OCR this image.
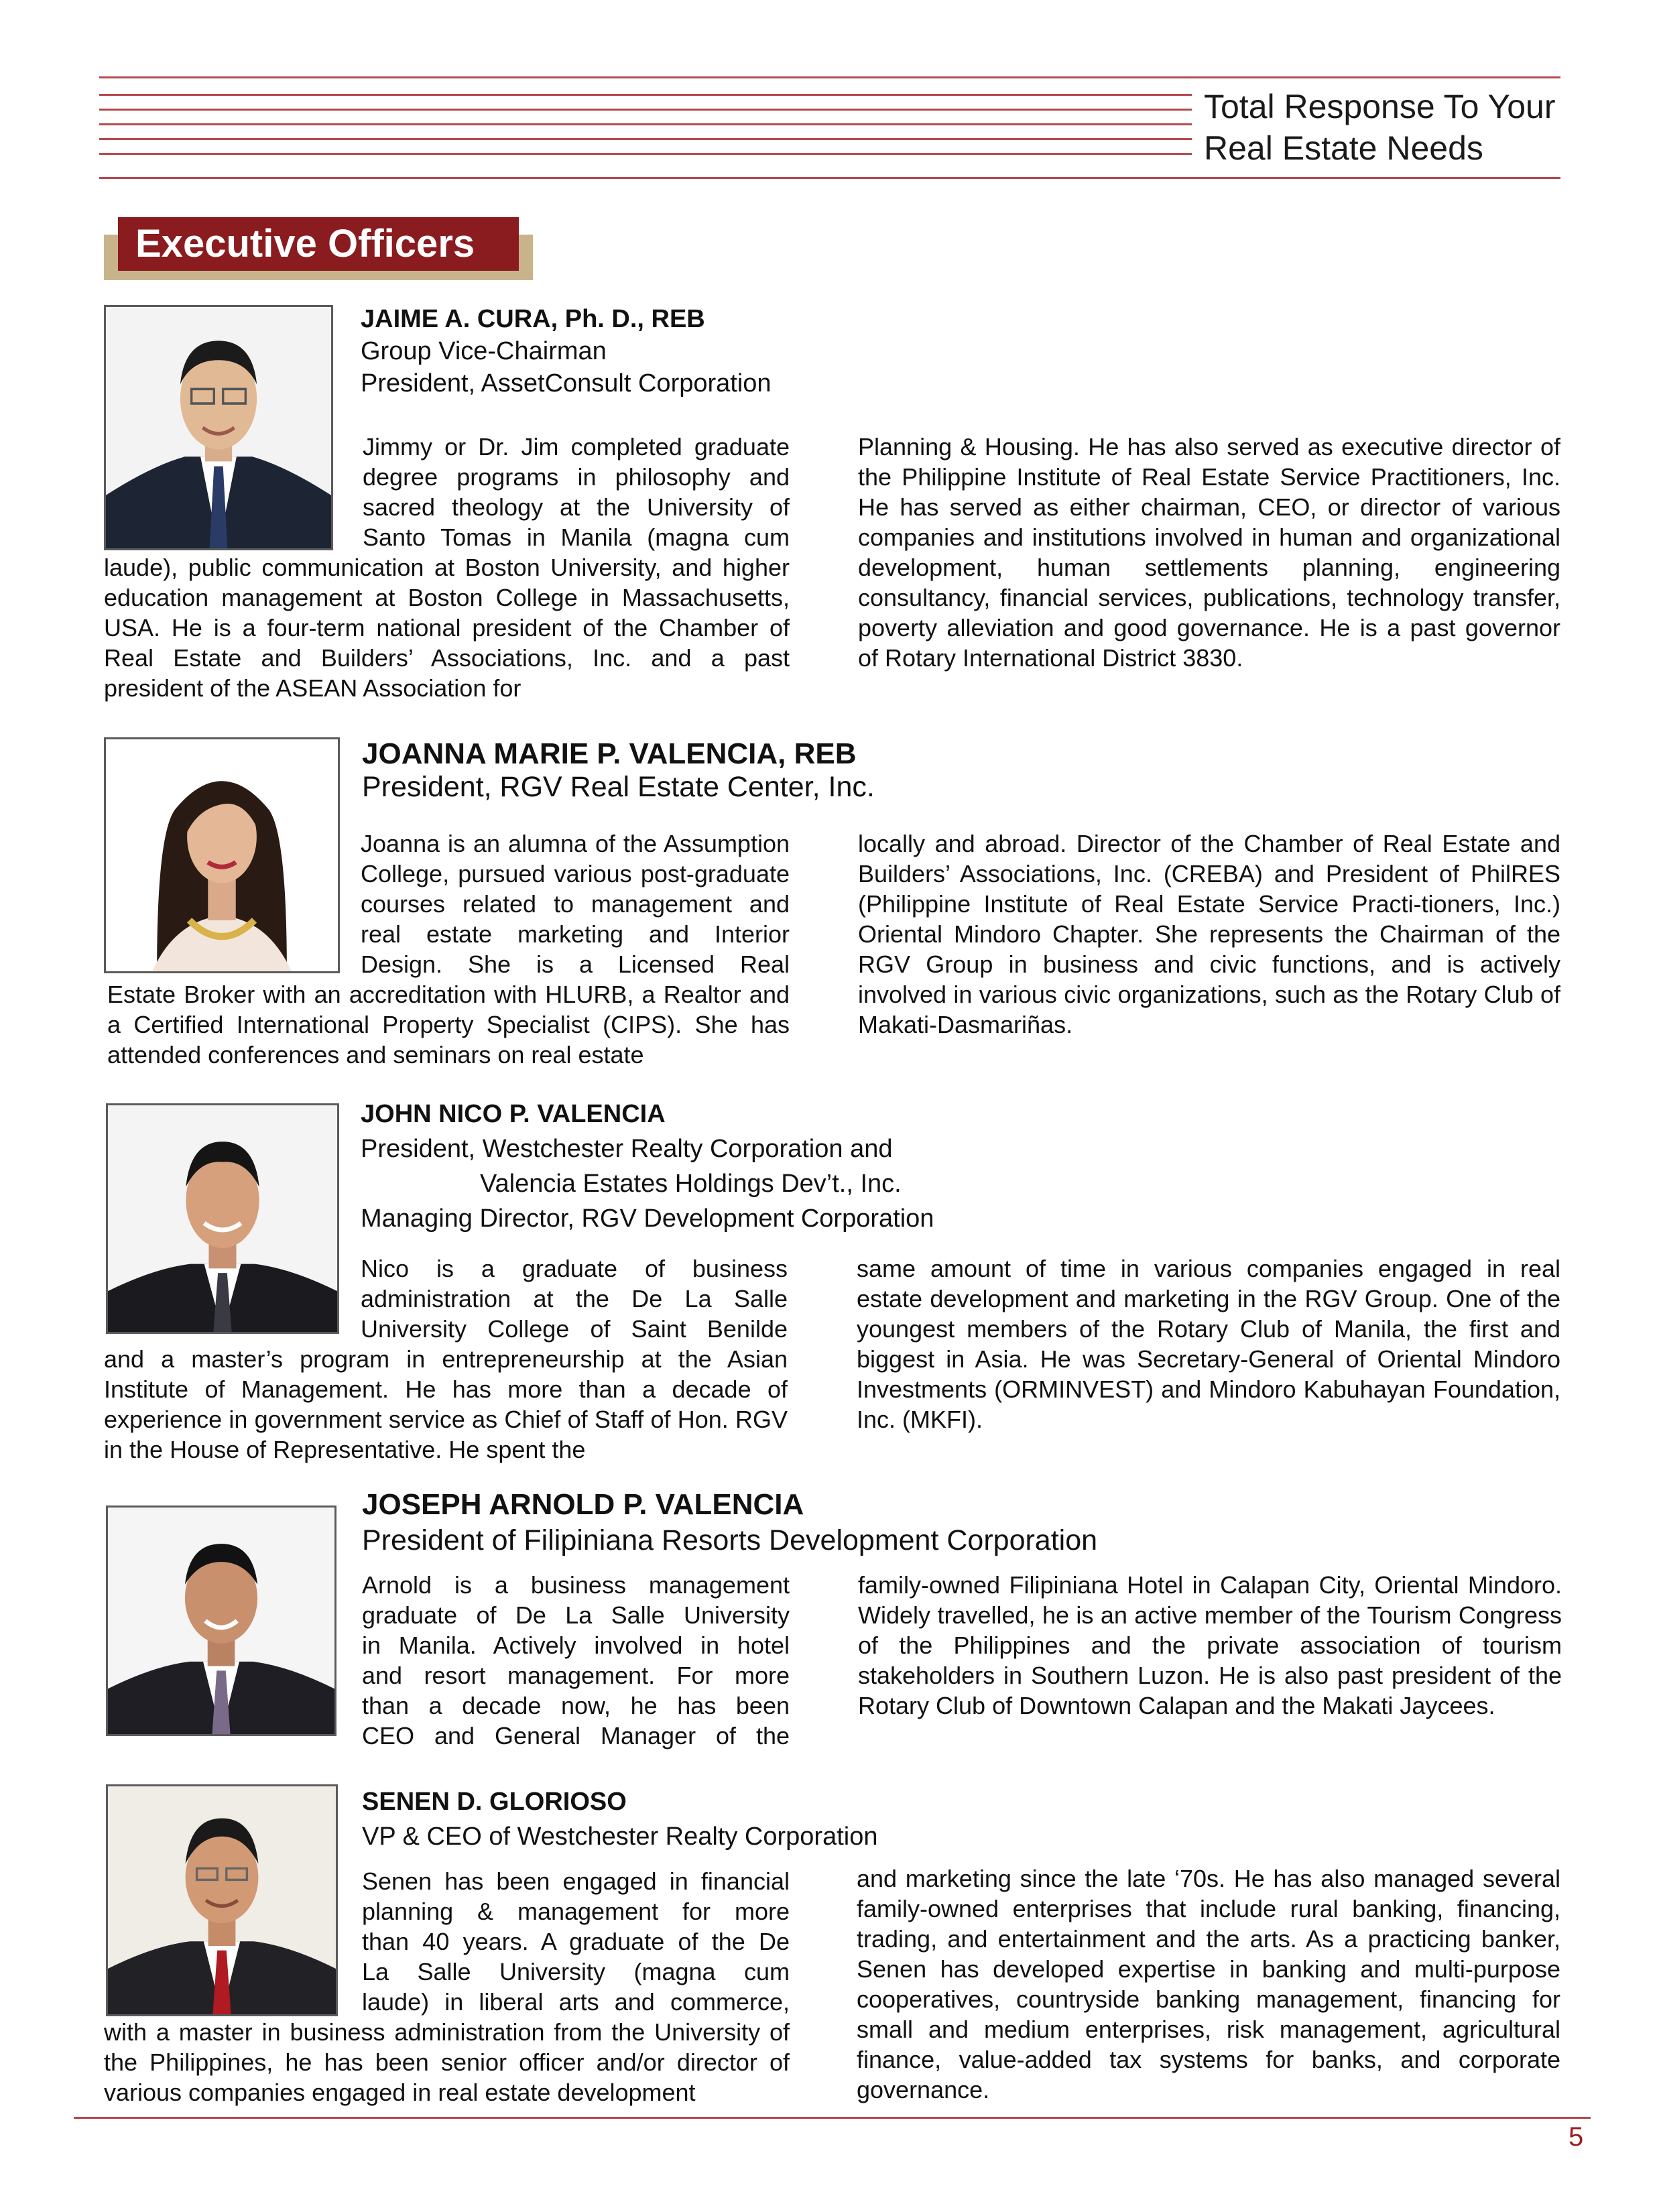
Total Response To Your
Real Estate Needs
Executive Officers
JAIME A. CURA, Ph. D., REB
Group Vice-Chairman
President, AssetConsult Corporation
Jimmy or Dr. Jim completed graduate
degree programs in philosophy and
sacred theology at the University of
Santo Tomas in Manila (magna cum
laude), public communication at Boston University, and higher education management at Boston College in Massachusetts, USA. He is a four-term national president of the Chamber of Real Estate and Builders’ Associations, Inc. and a past president of the ASEAN Association for
Planning & Housing. He has also served as executive director of the Philippine Institute of Real Estate Service Practitioners, Inc. He has served as either chairman, CEO, or director of various companies and institutions involved in human and organizational development, human settlements planning, engineering consultancy, financial services, publications, technology transfer, poverty alleviation and good governance. He is a past governor of Rotary International District 3830.
JOANNA MARIE P. VALENCIA, REB
President, RGV Real Estate Center, Inc.
Joanna is an alumna of the Assumption
College, pursued various post-graduate
courses related to management and
real estate marketing and Interior
Design. She is a Licensed Real
Estate Broker with an accreditation with HLURB, a Realtor and a Certified International Property Specialist (CIPS). She has attended conferences and seminars on real estate
locally and abroad. Director of the Chamber of Real Estate and Builders’ Associations, Inc. (CREBA) and President of PhilRES (Philippine Institute of Real Estate Service Practi-tioners, Inc.) Oriental Mindoro Chapter. She represents the Chairman of the RGV Group in business and civic functions, and is actively involved in various civic organizations, such as the Rotary Club of Makati-Dasmariñas.
JOHN NICO P. VALENCIA
President, Westchester Realty Corporation and
Valencia Estates Holdings Dev’t., Inc.
Managing Director, RGV Development Corporation
Nico is a graduate of business
administration at the De La Salle
University College of Saint Benilde
and a master’s program in entrepreneurship at the Asian Institute of Management. He has more than a decade of experience in government service as Chief of Staff of Hon. RGV in the House of Representative. He spent the
same amount of time in various companies engaged in real estate development and marketing in the RGV Group. One of the youngest members of the Rotary Club of Manila, the first and biggest in Asia. He was Secretary-General of Oriental Mindoro Investments (ORMINVEST) and Mindoro Kabuhayan Foundation, Inc. (MKFI).
JOSEPH ARNOLD P. VALENCIA
President of Filipiniana Resorts Development Corporation
Arnold is a business management
graduate of De La Salle University
in Manila. Actively involved in hotel
and resort management. For more
than a decade now, he has been
CEO and General Manager of the
family-owned Filipiniana Hotel in Calapan City, Oriental Mindoro. Widely travelled, he is an active member of the Tourism Congress of the Philippines and the private association of tourism stakeholders in Southern Luzon. He is also past president of the Rotary Club of Downtown Calapan and the Makati Jaycees.
SENEN D. GLORIOSO
VP & CEO of Westchester Realty Corporation
Senen has been engaged in financial
planning & management for more
than 40 years. A graduate of the De
La Salle University (magna cum
laude) in liberal arts and commerce,
with a master in business administration from the University of the Philippines, he has been senior officer and/or director of various companies engaged in real estate development
and marketing since the late ‘70s. He has also managed several family-owned enterprises that include rural banking, financing, trading, and entertainment and the arts. As a practicing banker, Senen has developed expertise in banking and multi-purpose cooperatives, countryside banking management, financing for small and medium enterprises, risk management, agricultural finance, value-added tax systems for banks, and corporate governance.
5
